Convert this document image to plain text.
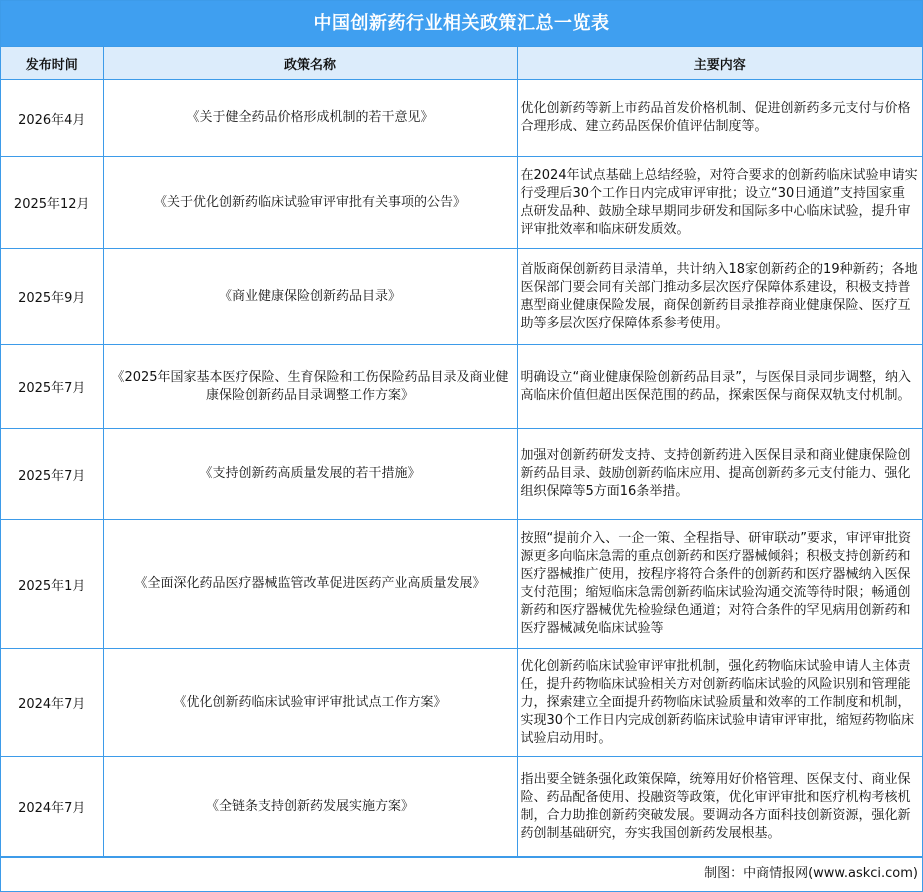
中国创新药行业相关政策汇总一览表
发布时间	政策名称	主要内容
2026年4月	《关于健全药品价格形成机制的若干意见》	优化创新药等新上市药品首发价格机制、促进创新药多元支付与价格合理形成、建立药品医保价值评估制度等。
2025年12月	《关于优化创新药临床试验审评审批有关事项的公告》	在2024年试点基础上总结经验，对符合要求的创新药临床试验申请实行受理后30个工作日内完成审评审批；设立“30日通道”支持国家重点研发品种、鼓励全球早期同步研发和国际多中心临床试验，提升审评审批效率和临床研发质效。
2025年9月	《商业健康保险创新药品目录》	首版商保创新药目录清单，共计纳入18家创新药企的19种新药；各地医保部门要会同有关部门推动多层次医疗保障体系建设，积极支持普惠型商业健康保险发展，商保创新药目录推荐商业健康保险、医疗互助等多层次医疗保障体系参考使用。
2025年7月	《2025年国家基本医疗保险、生育保险和工伤保险药品目录及商业健康保险创新药品目录调整工作方案》	明确设立“商业健康保险创新药品目录”，与医保目录同步调整，纳入高临床价值但超出医保范围的药品，探索医保与商保双轨支付机制。
2025年7月	《支持创新药高质量发展的若干措施》	加强对创新药研发支持、支持创新药进入医保目录和商业健康保险创新药品目录、鼓励创新药临床应用、提高创新药多元支付能力、强化组织保障等5方面16条举措。
2025年1月	《全面深化药品医疗器械监管改革促进医药产业高质量发展》	按照“提前介入、一企一策、全程指导、研审联动”要求，审评审批资源更多向临床急需的重点创新药和医疗器械倾斜；积极支持创新药和医疗器械推广使用，按程序将符合条件的创新药和医疗器械纳入医保支付范围；缩短临床急需创新药临床试验沟通交流等待时限；畅通创新药和医疗器械优先检验绿色通道；对符合条件的罕见病用创新药和医疗器械减免临床试验等
2024年7月	《优化创新药临床试验审评审批试点工作方案》	优化创新药临床试验审评审批机制，强化药物临床试验申请人主体责任，提升药物临床试验相关方对创新药临床试验的风险识别和管理能力，探索建立全面提升药物临床试验质量和效率的工作制度和机制，实现30个工作日内完成创新药临床试验申请审评审批，缩短药物临床试验启动用时。
2024年7月	《全链条支持创新药发展实施方案》	指出要全链条强化政策保障，统筹用好价格管理、医保支付、商业保险、药品配备使用、投融资等政策，优化审评审批和医疗机构考核机制，合力助推创新药突破发展。要调动各方面科技创新资源，强化新药创制基础研究，夯实我国创新药发展根基。
制图：中商情报网(www.askci.com)
